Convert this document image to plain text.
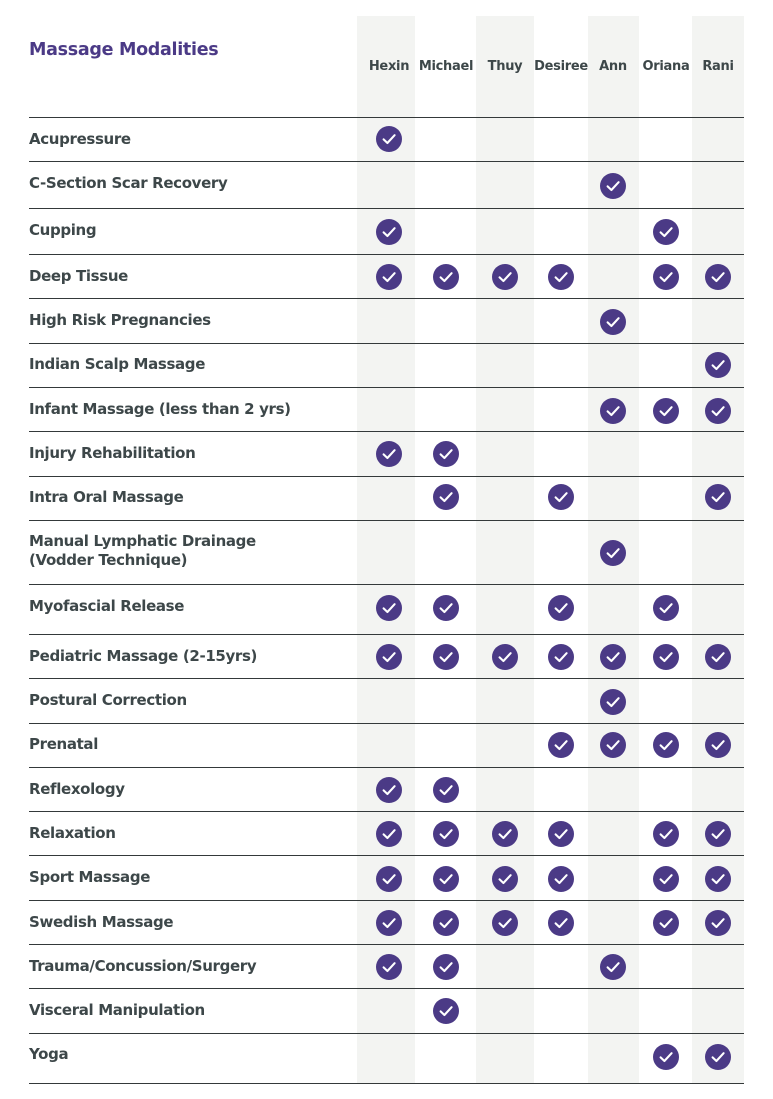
Massage Modalities
Hexin Michael Thuy Desiree Ann Oriana Rani
Acupressure
C-Section Scar Recovery
Cupping
Deep Tissue
High Risk Pregnancies
Indian Scalp Massage
Infant Massage (less than 2 yrs)
Injury Rehabilitation
Intra Oral Massage
Manual Lymphatic Drainage
(Vodder Technique)
Myofascial Release
Pediatric Massage (2-15yrs)
Postural Correction
Prenatal
Reflexology
Relaxation
Sport Massage
Swedish Massage
Trauma/Concussion/Surgery
Visceral Manipulation
Yoga
